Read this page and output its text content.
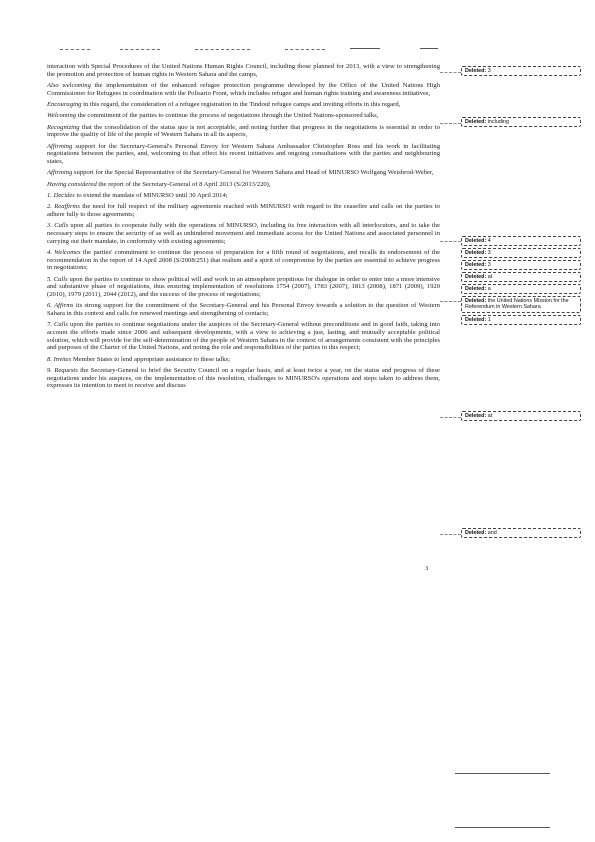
interaction with Special Procedures of the United Nations Human Rights Council, including those planned for 2013, with a view to strengthening the promotion and protection of human rights in Western Sahara and the camps,

Also welcoming the implementation of the enhanced refugee protection programme developed by the Office of the United Nations High Commissioner for Refugees in coordination with the Polisario Front, which includes refugee and human rights training and awareness initiatives,

Encouraging in this regard, the consideration of a refugee registration in the Tindouf refugee camps and inviting efforts in this regard,

Welcoming the commitment of the parties to continue the process of negotiations through the United Nations-sponsored talks,

Recognizing that the consolidation of the status quo is not acceptable, and noting further that progress in the negotiations is essential in order to improve the quality of life of the people of Western Sahara in all its aspects,

Affirming support for the Secretary-General's Personal Envoy for Western Sahara Ambassador Christopher Ross and his work in facilitating negotiations between the parties, and, welcoming to that effect his recent initiatives and ongoing consultations with the parties and neighbouring states,

Affirming support for the Special Representative of the Secretary-General for Western Sahara and Head of MINURSO Wolfgang Weisbrod-Weber,

Having considered the report of the Secretary-General of 8 April 2013 (S/2013/220),

1. Decides to extend the mandate of MINURSO until 30 April 2014;

2. Reaffirms the need for full respect of the military agreements reached with MINURSO with regard to the ceasefire and calls on the parties to adhere fully to those agreements;

3. Calls upon all parties to cooperate fully with the operations of MINURSO, including its free interaction with all interlocutors, and to take the necessary steps to ensure the security of as well as unhindered movement and immediate access for the United Nations and associated personnel in carrying out their mandate, in conformity with existing agreements;

4. Welcomes the parties' commitment to continue the process of preparation for a fifth round of negotiations, and recalls its endorsement of the recommendation in the report of 14 April 2008 (S/2008/251) that realism and a spirit of compromise by the parties are essential to achieve progress in negotiations;

5. Calls upon the parties to continue to show political will and work in an atmosphere propitious for dialogue in order to enter into a more intensive and substantive phase of negotiations, thus ensuring implementation of resolutions 1754 (2007), 1783 (2007), 1813 (2008), 1871 (2009), 1920 (2010), 1979 (2011), 2044 (2012), and the success of the process of negotiations;

6. Affirms its strong support for the commitment of the Secretary-General and his Personal Envoy towards a solution to the question of Western Sahara in this context and calls for renewed meetings and strengthening of contacts;

7. Calls upon the parties to continue negotiations under the auspices of the Secretary-General without preconditions and in good faith, taking into account the efforts made since 2006 and subsequent developments, with a view to achieving a just, lasting, and mutually acceptable political solution, which will provide for the self-determination of the people of Western Sahara in the context of arrangements consistent with the principles and purposes of the Charter of the United Nations, and noting the role and responsibilities of the parties in this respect;

8. Invites Member States to lend appropriate assistance to these talks;

9. Requests the Secretary-General to brief the Security Council on a regular basis, and at least twice a year, on the status and progress of these negotiations under his auspices, on the implementation of this resolution, challenges to MINURSO's operations and steps taken to address them, expresses its intention to meet to receive and discuss

3
Deleted: 3
Deleted: including
Deleted: 4
Deleted: 3
Deleted: 3
Deleted: at
Deleted: a
Deleted: the United Nations Mission for the Referendum in Western Sahara
Deleted: 1
Deleted: at
Deleted: and
